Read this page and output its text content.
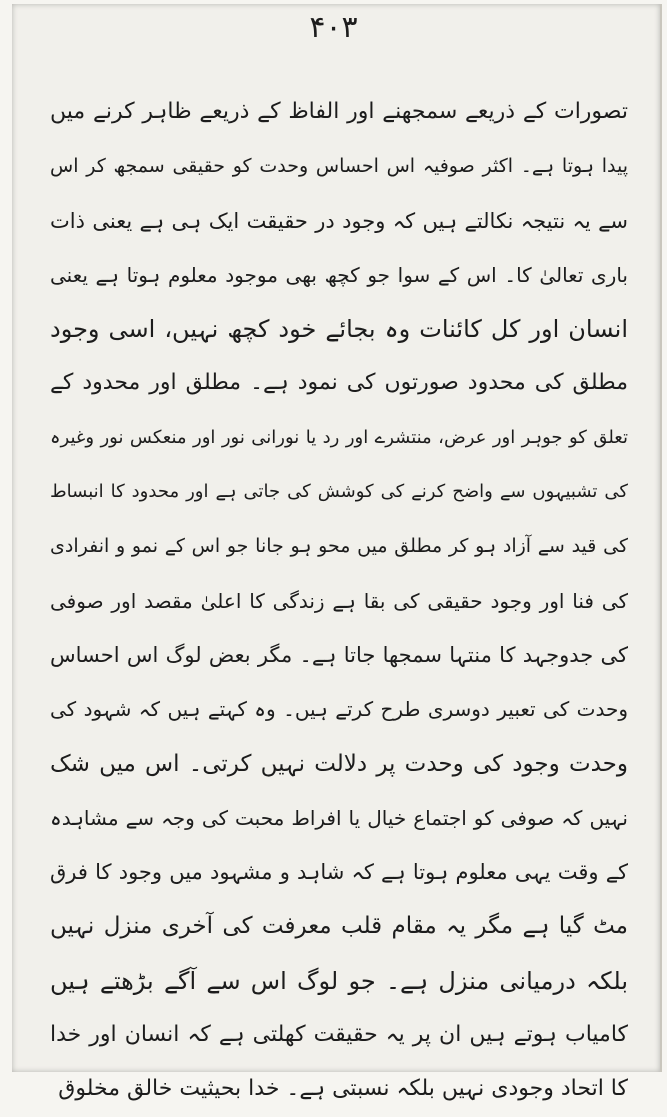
۴۰۳
تصورات کے ذریعے سمجھنے اور الفاظ کے ذریعے ظاہر کرنے میں
پیدا ہوتا ہے۔ اکثر صوفیہ اس احساس وحدت کو حقیقی سمجھ کر اس
سے یہ نتیجہ نکالتے ہیں کہ وجود در حقیقت ایک ہی ہے یعنی ذات
باری تعالیٰ کا۔ اس کے سوا جو کچھ بھی موجود معلوم ہوتا ہے یعنی
انسان اور کل کائنات وہ بجائے خود کچھ نہیں، اسی وجود
مطلق کی محدود صورتوں کی نمود ہے۔ مطلق اور محدود کے
تعلق کو جوہر اور عرض، منتشرے اور رد یا نورانی نور اور منعکس نور وغیرہ
کی تشبیہوں سے واضح کرنے کی کوشش کی جاتی ہے اور محدود کا انبساط
کی قید سے آزاد ہو کر مطلق میں محو ہو جانا جو اس کے نمو و انفرادی
کی فنا اور وجود حقیقی کی بقا ہے زندگی کا اعلیٰ مقصد اور صوفی
کی جدوجہد کا منتہا سمجھا جاتا ہے۔ مگر بعض لوگ اس احساس
وحدت کی تعبیر دوسری طرح کرتے ہیں۔ وہ کہتے ہیں کہ شہود کی
وحدت وجود کی وحدت پر دلالت نہیں کرتی۔ اس میں شک
نہیں کہ صوفی کو اجتماع خیال یا افراط محبت کی وجہ سے مشاہدہ
کے وقت یہی معلوم ہوتا ہے کہ شاہد و مشہود میں وجود کا فرق
مٹ گیا ہے مگر یہ مقام قلب معرفت کی آخری منزل نہیں
بلکہ درمیانی منزل ہے۔ جو لوگ اس سے آگے بڑھتے ہیں
کامیاب ہوتے ہیں ان پر یہ حقیقت کھلتی ہے کہ انسان اور خدا
کا اتحاد وجودی نہیں بلکہ نسبتی ہے۔ خدا بحیثیت خالق مخلوق
